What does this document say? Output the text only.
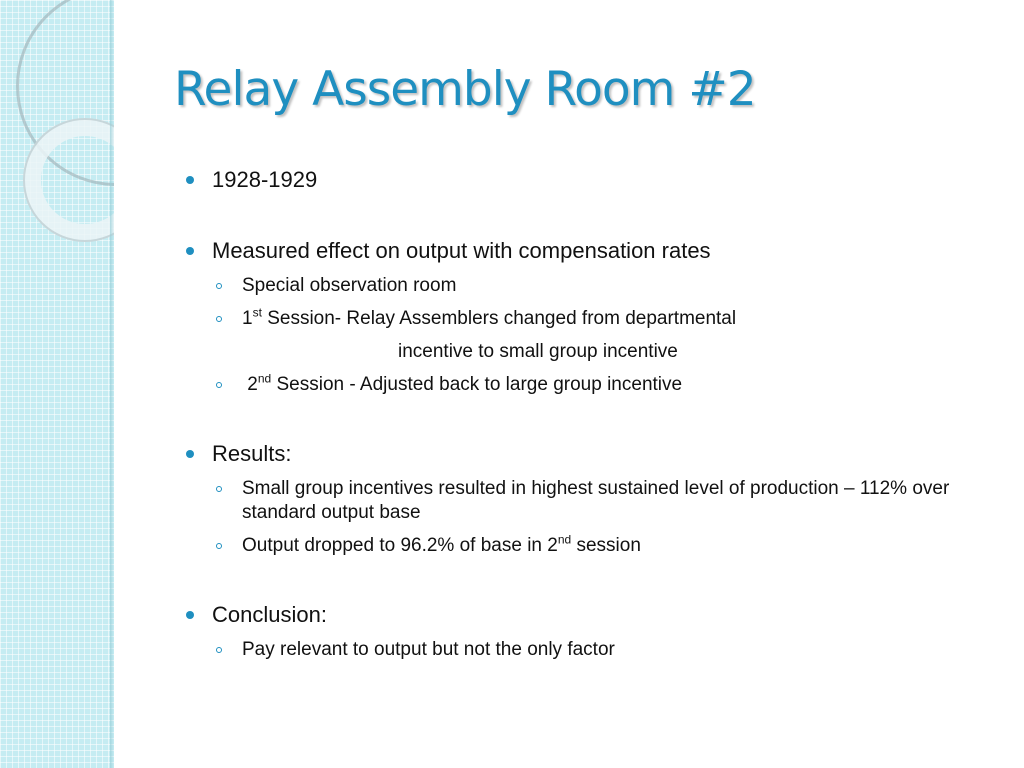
Relay Assembly Room #2
1928-1929
Measured effect on output with compensation rates
Special observation room
1st Session- Relay Assemblers changed from departmental
incentive to small group incentive
2nd Session - Adjusted back to large group incentive
Results:
Small group incentives resulted in highest sustained level of production – 112% over standard output base
Output dropped to 96.2% of base in 2nd session
Conclusion:
Pay relevant to output but not the only factor
